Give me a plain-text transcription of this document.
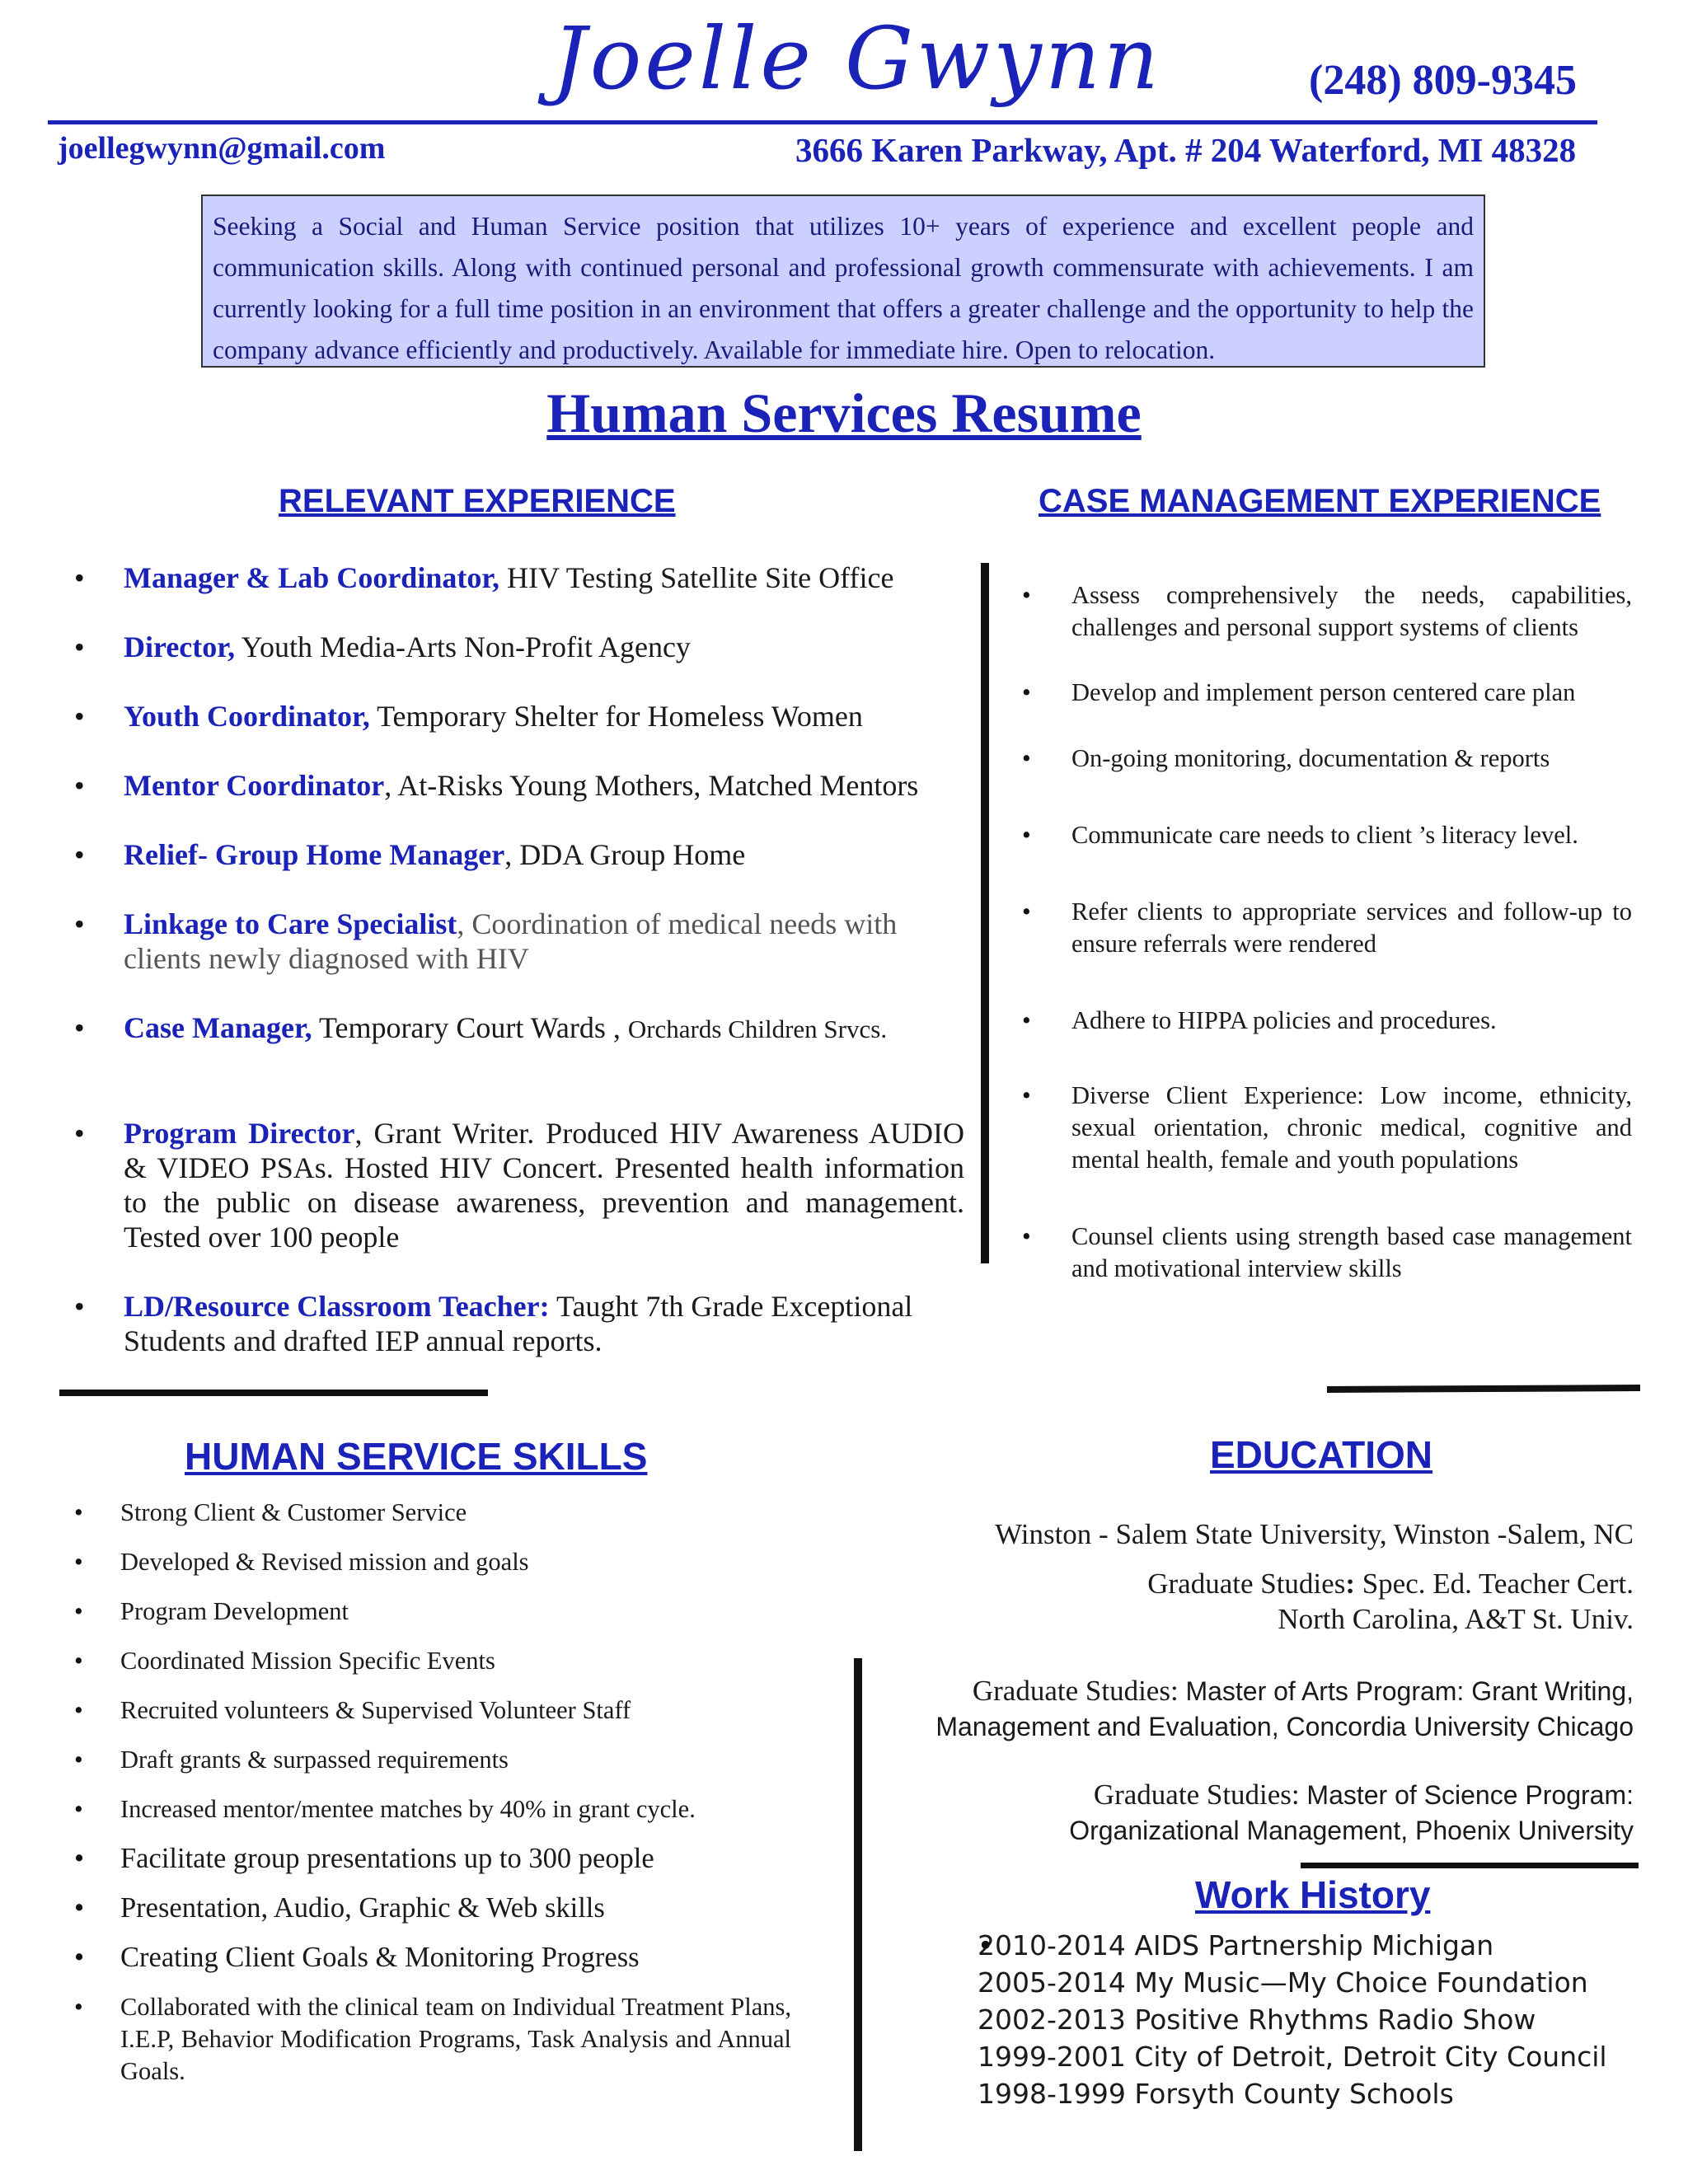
Joelle Gwynn	(248) 809-9345
joellegwynn@gmail.com	3666 Karen Parkway, Apt. # 204 Waterford, MI 48328
Seeking a Social and Human Service position that utilizes 10+ years of experience and excellent people and communication skills. Along with continued personal and professional growth commensurate with achievements. I am currently looking for a full time position in an environment that offers a greater challenge and the opportunity to help the company advance efficiently and productively. Available for immediate hire. Open to relocation.
Human Services Resume
RELEVANT EXPERIENCE
• Manager & Lab Coordinator, HIV Testing Satellite Site Office
• Director, Youth Media-Arts Non-Profit Agency
• Youth Coordinator, Temporary Shelter for Homeless Women
• Mentor Coordinator, At-Risks Young Mothers, Matched Mentors
• Relief- Group Home Manager, DDA Group Home
• Linkage to Care Specialist, Coordination of medical needs with clients newly diagnosed with HIV
• Case Manager, Temporary Court Wards , Orchards Children Srvcs.
• Program Director, Grant Writer. Produced HIV Awareness AUDIO & VIDEO PSAs. Hosted HIV Concert. Presented health information to the public on disease awareness, prevention and management. Tested over 100 people
• LD/Resource Classroom Teacher: Taught 7th Grade Exceptional Students and drafted IEP annual reports.
CASE MANAGEMENT EXPERIENCE
• Assess comprehensively the needs, capabilities, challenges and personal support systems of clients
• Develop and implement person centered care plan
• On-going monitoring, documentation & reports
• Communicate care needs to client ’s literacy level.
• Refer clients to appropriate services and follow-up to ensure referrals were rendered
• Adhere to HIPPA policies and procedures.
• Diverse Client Experience: Low income, ethnicity, sexual orientation, chronic medical, cognitive and mental health, female and youth populations
• Counsel clients using strength based case management and motivational interview skills
HUMAN SERVICE SKILLS
• Strong Client & Customer Service
• Developed & Revised mission and goals
• Program Development
• Coordinated Mission Specific Events
• Recruited volunteers & Supervised Volunteer Staff
• Draft grants & surpassed requirements
• Increased mentor/mentee matches by 40% in grant cycle.
• Facilitate group presentations up to 300 people
• Presentation, Audio, Graphic & Web skills
• Creating Client Goals & Monitoring Progress
• Collaborated with the clinical team on Individual Treatment Plans, I.E.P, Behavior Modification Programs, Task Analysis and Annual Goals.
EDUCATION
Winston - Salem State University, Winston -Salem, NC
Graduate Studies: Spec. Ed. Teacher Cert.
North Carolina, A&T St. Univ.
Graduate Studies: Master of Arts Program: Grant Writing,
Management and Evaluation, Concordia University Chicago
Graduate Studies: Master of Science Program:
Organizational Management, Phoenix University
Work History
• 2010-2014 AIDS Partnership Michigan
• 2005-2014 My Music—My Choice Foundation
• 2002-2013 Positive Rhythms Radio Show
• 1999-2001 City of Detroit, Detroit City Council
• 1998-1999 Forsyth County Schools
